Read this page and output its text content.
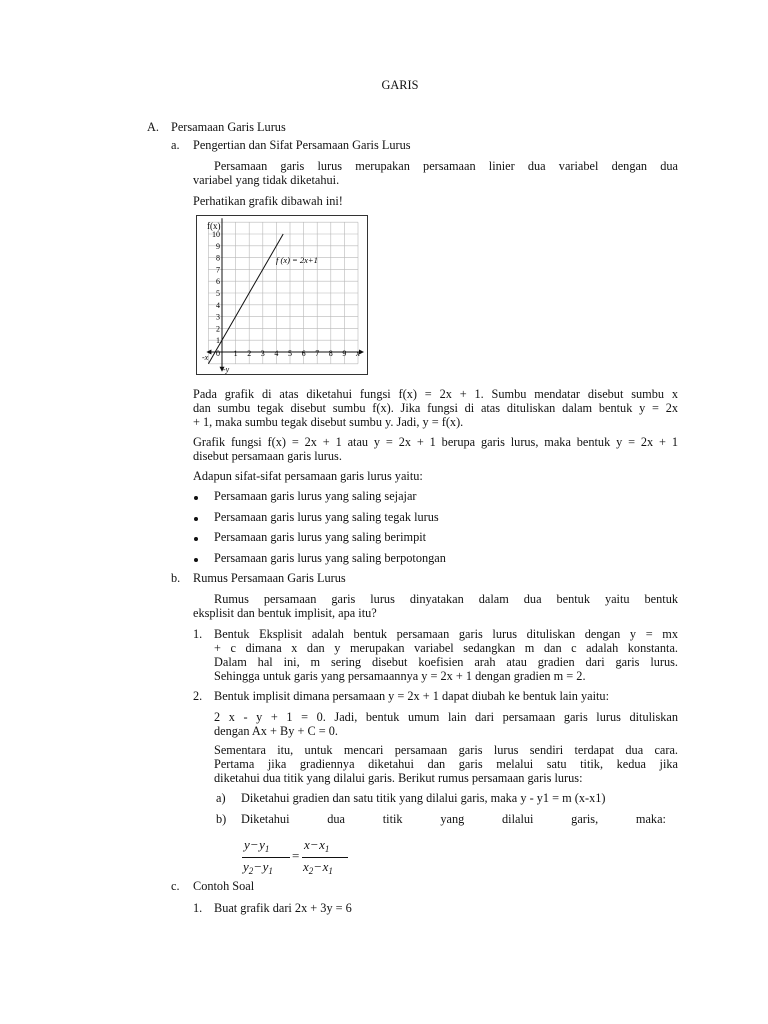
GARIS
A. Persamaan Garis Lurus
a. Pengertian dan Sifat Persamaan Garis Lurus
Persamaan garis lurus merupakan persamaan linier dua variabel dengan dua
variabel yang tidak diketahui.
Perhatikan grafik dibawah ini!
1 2 3 4 5 6 7 8 9
1
2
3
4
5
6
7
8
9
10
f(x)
x
0
-x
-y
f (x) = 2x+1
Pada grafik di atas diketahui fungsi f(x) = 2x + 1. Sumbu mendatar disebut sumbu x
dan sumbu tegak disebut sumbu f(x). Jika fungsi di atas dituliskan dalam bentuk y = 2x
+ 1, maka sumbu tegak disebut sumbu y. Jadi, y = f(x).
Grafik fungsi f(x) = 2x + 1 atau y = 2x + 1 berupa garis lurus, maka bentuk y = 2x + 1
disebut persamaan garis lurus.
Adapun sifat-sifat persamaan garis lurus yaitu:
Persamaan garis lurus yang saling sejajar
Persamaan garis lurus yang saling tegak lurus
Persamaan garis lurus yang saling berimpit
Persamaan garis lurus yang saling berpotongan
b. Rumus Persamaan Garis Lurus
Rumus persamaan garis lurus dinyatakan dalam dua bentuk yaitu bentuk
eksplisit dan bentuk implisit, apa itu?
1. Bentuk Eksplisit adalah bentuk persamaan garis lurus dituliskan dengan y = mx
+ c dimana x dan y merupakan variabel sedangkan m dan c adalah konstanta.
Dalam hal ini, m sering disebut koefisien arah atau gradien dari garis lurus.
Sehingga untuk garis yang persamaannya y = 2x + 1 dengan gradien m = 2.
2. Bentuk implisit dimana persamaan y = 2x + 1 dapat diubah ke bentuk lain yaitu:
2 x - y + 1 = 0. Jadi, bentuk umum lain dari persamaan garis lurus dituliskan
dengan Ax + By + C = 0.
Sementara itu, untuk mencari persamaan garis lurus sendiri terdapat dua cara.
Pertama jika gradiennya diketahui dan garis melalui satu titik, kedua jika
diketahui dua titik yang dilalui garis. Berikut rumus persamaan garis lurus:
a) Diketahui gradien dan satu titik yang dilalui garis, maka y - y1 = m (x-x1)
b) Diketahui	dua	titik	yang	dilalui	garis,	maka:
$y-y_1$
$y_2-y_1$
=
$x-x_1$
$x_2-x_1$
c. Contoh Soal
1. Buat grafik dari 2x + 3y = 6
